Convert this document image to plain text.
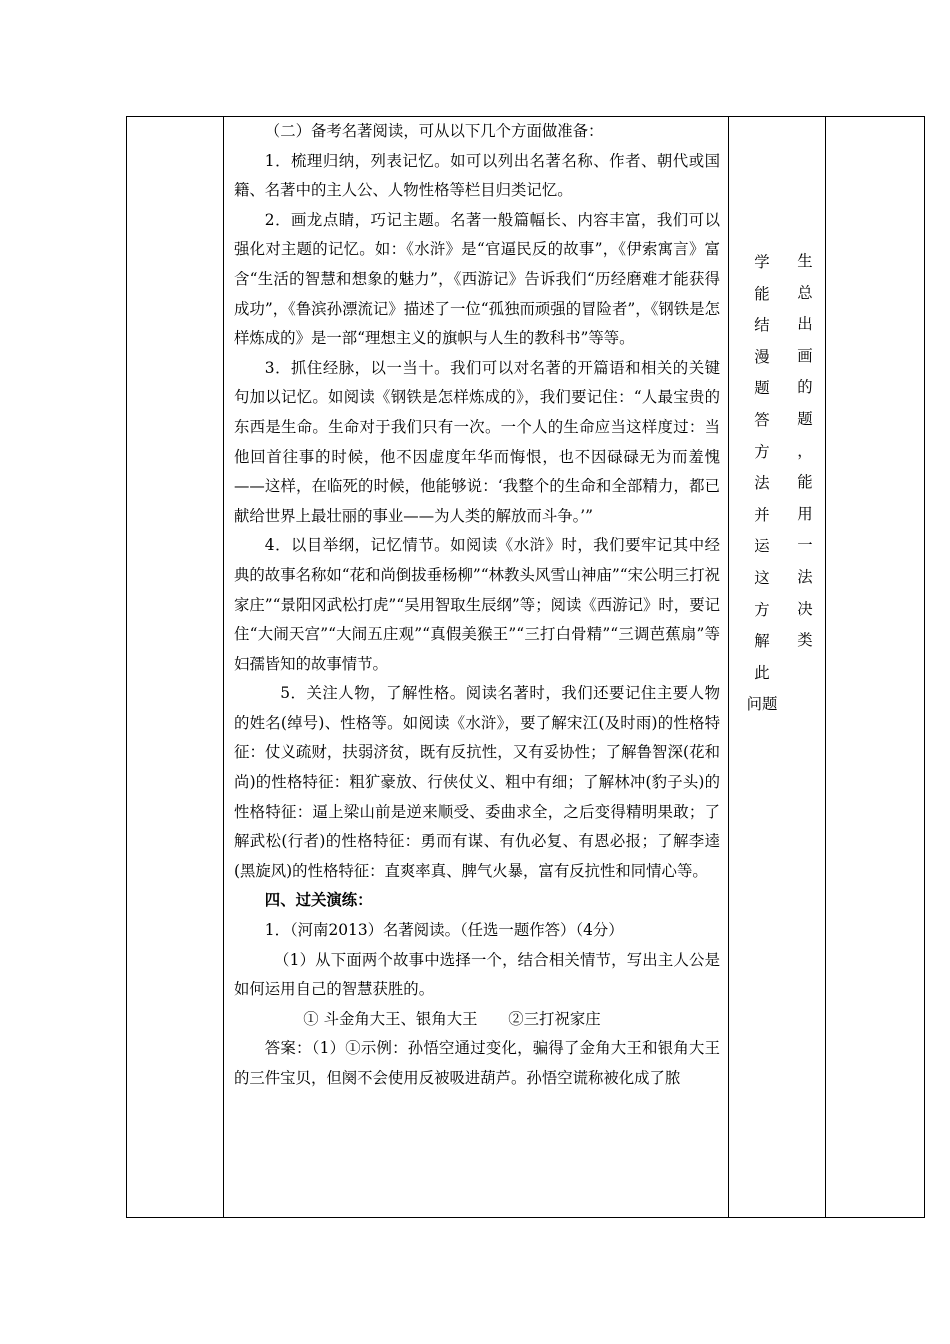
（二）备考名著阅读，可从以下几个方面做准备：

1．梳理归纳，列表记忆。如可以列出名著名称、作者、朝代或国籍、名著中的主人公、人物性格等栏目归类记忆。

2．画龙点睛，巧记主题。名著一般篇幅长、内容丰富，我们可以强化对主题的记忆。如：《水浒》是“官逼民反的故事”，《伊索寓言》富含“生活的智慧和想象的魅力”，《西游记》告诉我们“历经磨难才能获得成功”，《鲁滨孙漂流记》描述了一位“孤独而顽强的冒险者”，《钢铁是怎样炼成的》是一部“理想主义的旗帜与人生的教科书”等等。

3．抓住经脉，以一当十。我们可以对名著的开篇语和相关的关键句加以记忆。如阅读《钢铁是怎样炼成的》，我们要记住：“人最宝贵的东西是生命。生命对于我们只有一次。一个人的生命应当这样度过：当他回首往事的时候，他不因虚度年华而悔恨，也不因碌碌无为而羞愧——这样，在临死的时候，他能够说：‘我整个的生命和全部精力，都已献给世界上最壮丽的事业——为人类的解放而斗争。’”

4．以目举纲，记忆情节。如阅读《水浒》时，我们要牢记其中经典的故事名称如“花和尚倒拔垂杨柳”“林教头风雪山神庙”“宋公明三打祝家庄”“景阳冈武松打虎”“吴用智取生辰纲”等；阅读《西游记》时，要记住“大闹天宫”“大闹五庄观”“真假美猴王”“三打白骨精”“三调芭蕉扇”等妇孺皆知的故事情节。

5．关注人物，了解性格。阅读名著时，我们还要记住主要人物的姓名(绰号)、性格等。如阅读《水浒》，要了解宋江(及时雨)的性格特征：仗义疏财，扶弱济贫，既有反抗性，又有妥协性；了解鲁智深(花和尚)的性格特征：粗犷豪放、行侠仗义、粗中有细；了解林冲(豹子头)的性格特征：逼上梁山前是逆来顺受、委曲求全，之后变得精明果敢；了解武松(行者)的性格特征：勇而有谋、有仇必复、有恩必报；了解李逵(黑旋风)的性格特征：直爽率真、脾气火暴，富有反抗性和同情心等。

四、过关演练：

1．（河南2013）名著阅读。（任选一题作答）（4分）

（1）从下面两个故事中选择一个，结合相关情节，写出主人公是如何运用自己的智慧获胜的。

① 斗金角大王、银角大王　　②三打祝家庄

答案：（1）①示例：孙悟空通过变化，骗得了金角大王和银角大王的三件宝贝，但阕不会使用反被吸进葫芦。孙悟空谎称被化成了脓

学
能
结
漫
题
答
方
法
并
运
这
方
解
此
问题

生
总
出
画
的
题
，
能
用
一
法
决
类
